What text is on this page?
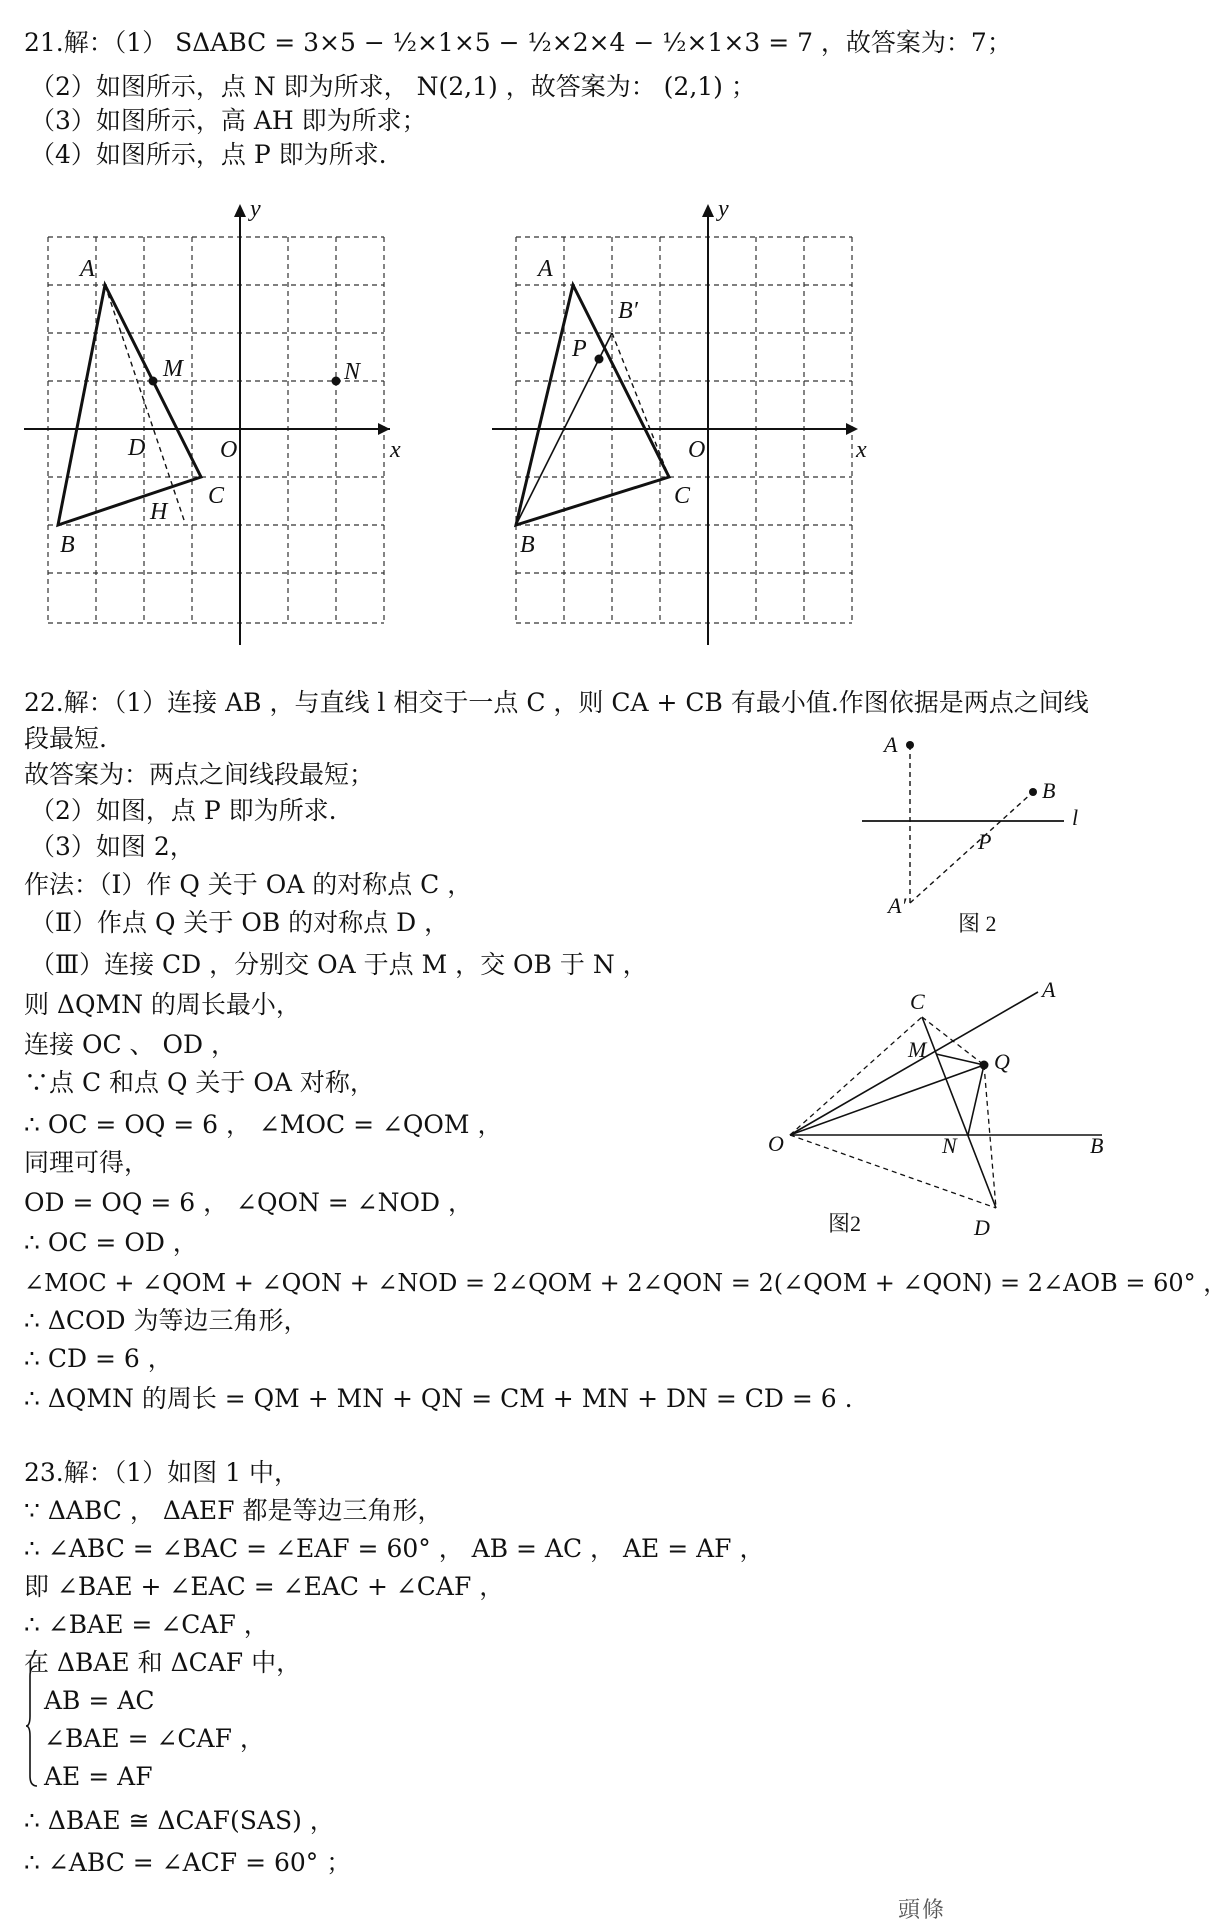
21.解：（1） SΔABC = 3×5 − ½×1×5 − ½×2×4 − ½×1×3 = 7 ，故答案为：7；
（2）如图所示，点 N 即为所求， N(2,1) ，故答案为： (2,1) ；
（3）如图所示，高 AH 即为所求；
（4）如图所示，点 P 即为所求.
y
x
A
M	N
D	O
C
H
B
y
x
A
B′
P
O
C
B
22.解：（1）连接 AB ，与直线 l 相交于一点 C ，则 CA + CB 有最小值.作图依据是两点之间线
段最短.
故答案为：两点之间线段最短；
（2）如图，点 P 即为所求.
（3）如图 2，
作法：（Ⅰ）作 Q 关于 OA 的对称点 C ，
（Ⅱ）作点 Q 关于 OB 的对称点 D ，
（Ⅲ）连接 CD ，分别交 OA 于点 M ，交 OB 于 N ，
则 ΔQMN 的周长最小，
连接 OC 、 OD ，
∵点 C 和点 Q 关于 OA 对称，
∴ OC = OQ = 6 ， ∠MOC = ∠QOM ，
同理可得，
OD = OQ = 6 ， ∠QON = ∠NOD ，
∴ OC = OD ，
∠MOC + ∠QOM + ∠QON + ∠NOD = 2∠QOM + 2∠QON = 2(∠QOM + ∠QON) = 2∠AOB = 60° ，
∴ ΔCOD 为等边三角形，
∴ CD = 6 ，
∴ ΔQMN 的周长 = QM + MN + QN = CM + MN + DN = CD = 6 .
A
B
l
P
A′
图 2
C	A
M	Q
O	N	B
图2	D
23.解：（1）如图 1 中，
∵ ΔABC ， ΔAEF 都是等边三角形，
∴ ∠ABC = ∠BAC = ∠EAF = 60° ， AB = AC ， AE = AF ，
即 ∠BAE + ∠EAC = ∠EAC + ∠CAF ，
∴ ∠BAE = ∠CAF ，
在 ΔBAE 和 ΔCAF 中，
AB = AC
∠BAE = ∠CAF ，
AE = AF
∴ ΔBAE ≅ ΔCAF(SAS) ，
∴ ∠ABC = ∠ACF = 60° ；
頭條
